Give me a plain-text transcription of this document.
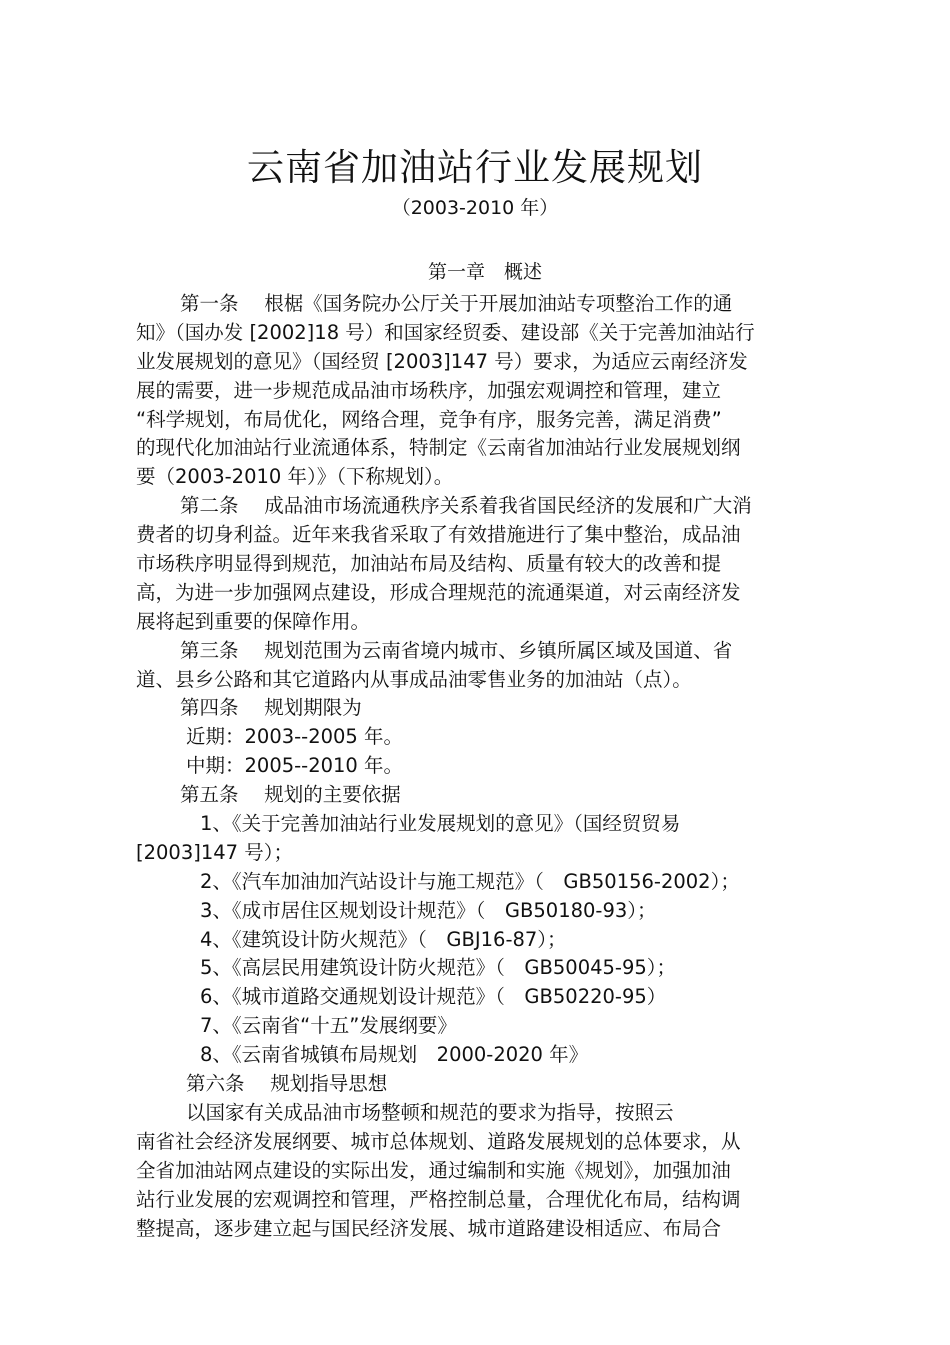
云南省加油站行业发展规划
（2003-2010 年）
第一章　概述
第一条　 根椐《国务院办公厅关于开展加油站专项整治工作的通
知》（国办发 [2002]18 号）和国家经贸委、建设部《关于完善加油站行
业发展规划的意见》（国经贸 [2003]147 号）要求，为适应云南经济发
展的需要，进一步规范成品油市场秩序，加强宏观调控和管理，建立
“科学规划，布局优化，网络合理，竞争有序，服务完善，满足消费”
的现代化加油站行业流通体系，特制定《云南省加油站行业发展规划纲
要（2003-2010 年）》（下称规划）。
第二条　 成品油市场流通秩序关系着我省国民经济的发展和广大消
费者的切身利益。近年来我省采取了有效措施进行了集中整治，成品油
市场秩序明显得到规范，加油站布局及结构、质量有较大的改善和提
高，为进一步加强网点建设，形成合理规范的流通渠道，对云南经济发
展将起到重要的保障作用。
第三条　 规划范围为云南省境内城市、乡镇所属区域及国道、省
道、县乡公路和其它道路内从事成品油零售业务的加油站（点）。
第四条　 规划期限为
近期：2003--2005 年。
中期：2005--2010 年。
第五条　 规划的主要依据
1、《关于完善加油站行业发展规划的意见》（国经贸贸易
[2003]147 号）；
2、《汽车加油加汽站设计与施工规范》（　GB50156-2002）；
3、《成市居住区规划设计规范》（　GB50180-93）；
4、《建筑设计防火规范》（　GBJ16-87）；
5、《高层民用建筑设计防火规范》（　GB50045-95）；
6、《城市道路交通规划设计规范》（　GB50220-95）
7、《云南省“十五”发展纲要》
8、《云南省城镇布局规划　2000-2020 年》
第六条　 规划指导思想
以国家有关成品油市场整顿和规范的要求为指导，按照云
南省社会经济发展纲要、城市总体规划、道路发展规划的总体要求，从
全省加油站网点建设的实际出发，通过编制和实施《规划》，加强加油
站行业发展的宏观调控和管理，严格控制总量，合理优化布局，结构调
整提高，逐步建立起与国民经济发展、城市道路建设相适应、布局合
